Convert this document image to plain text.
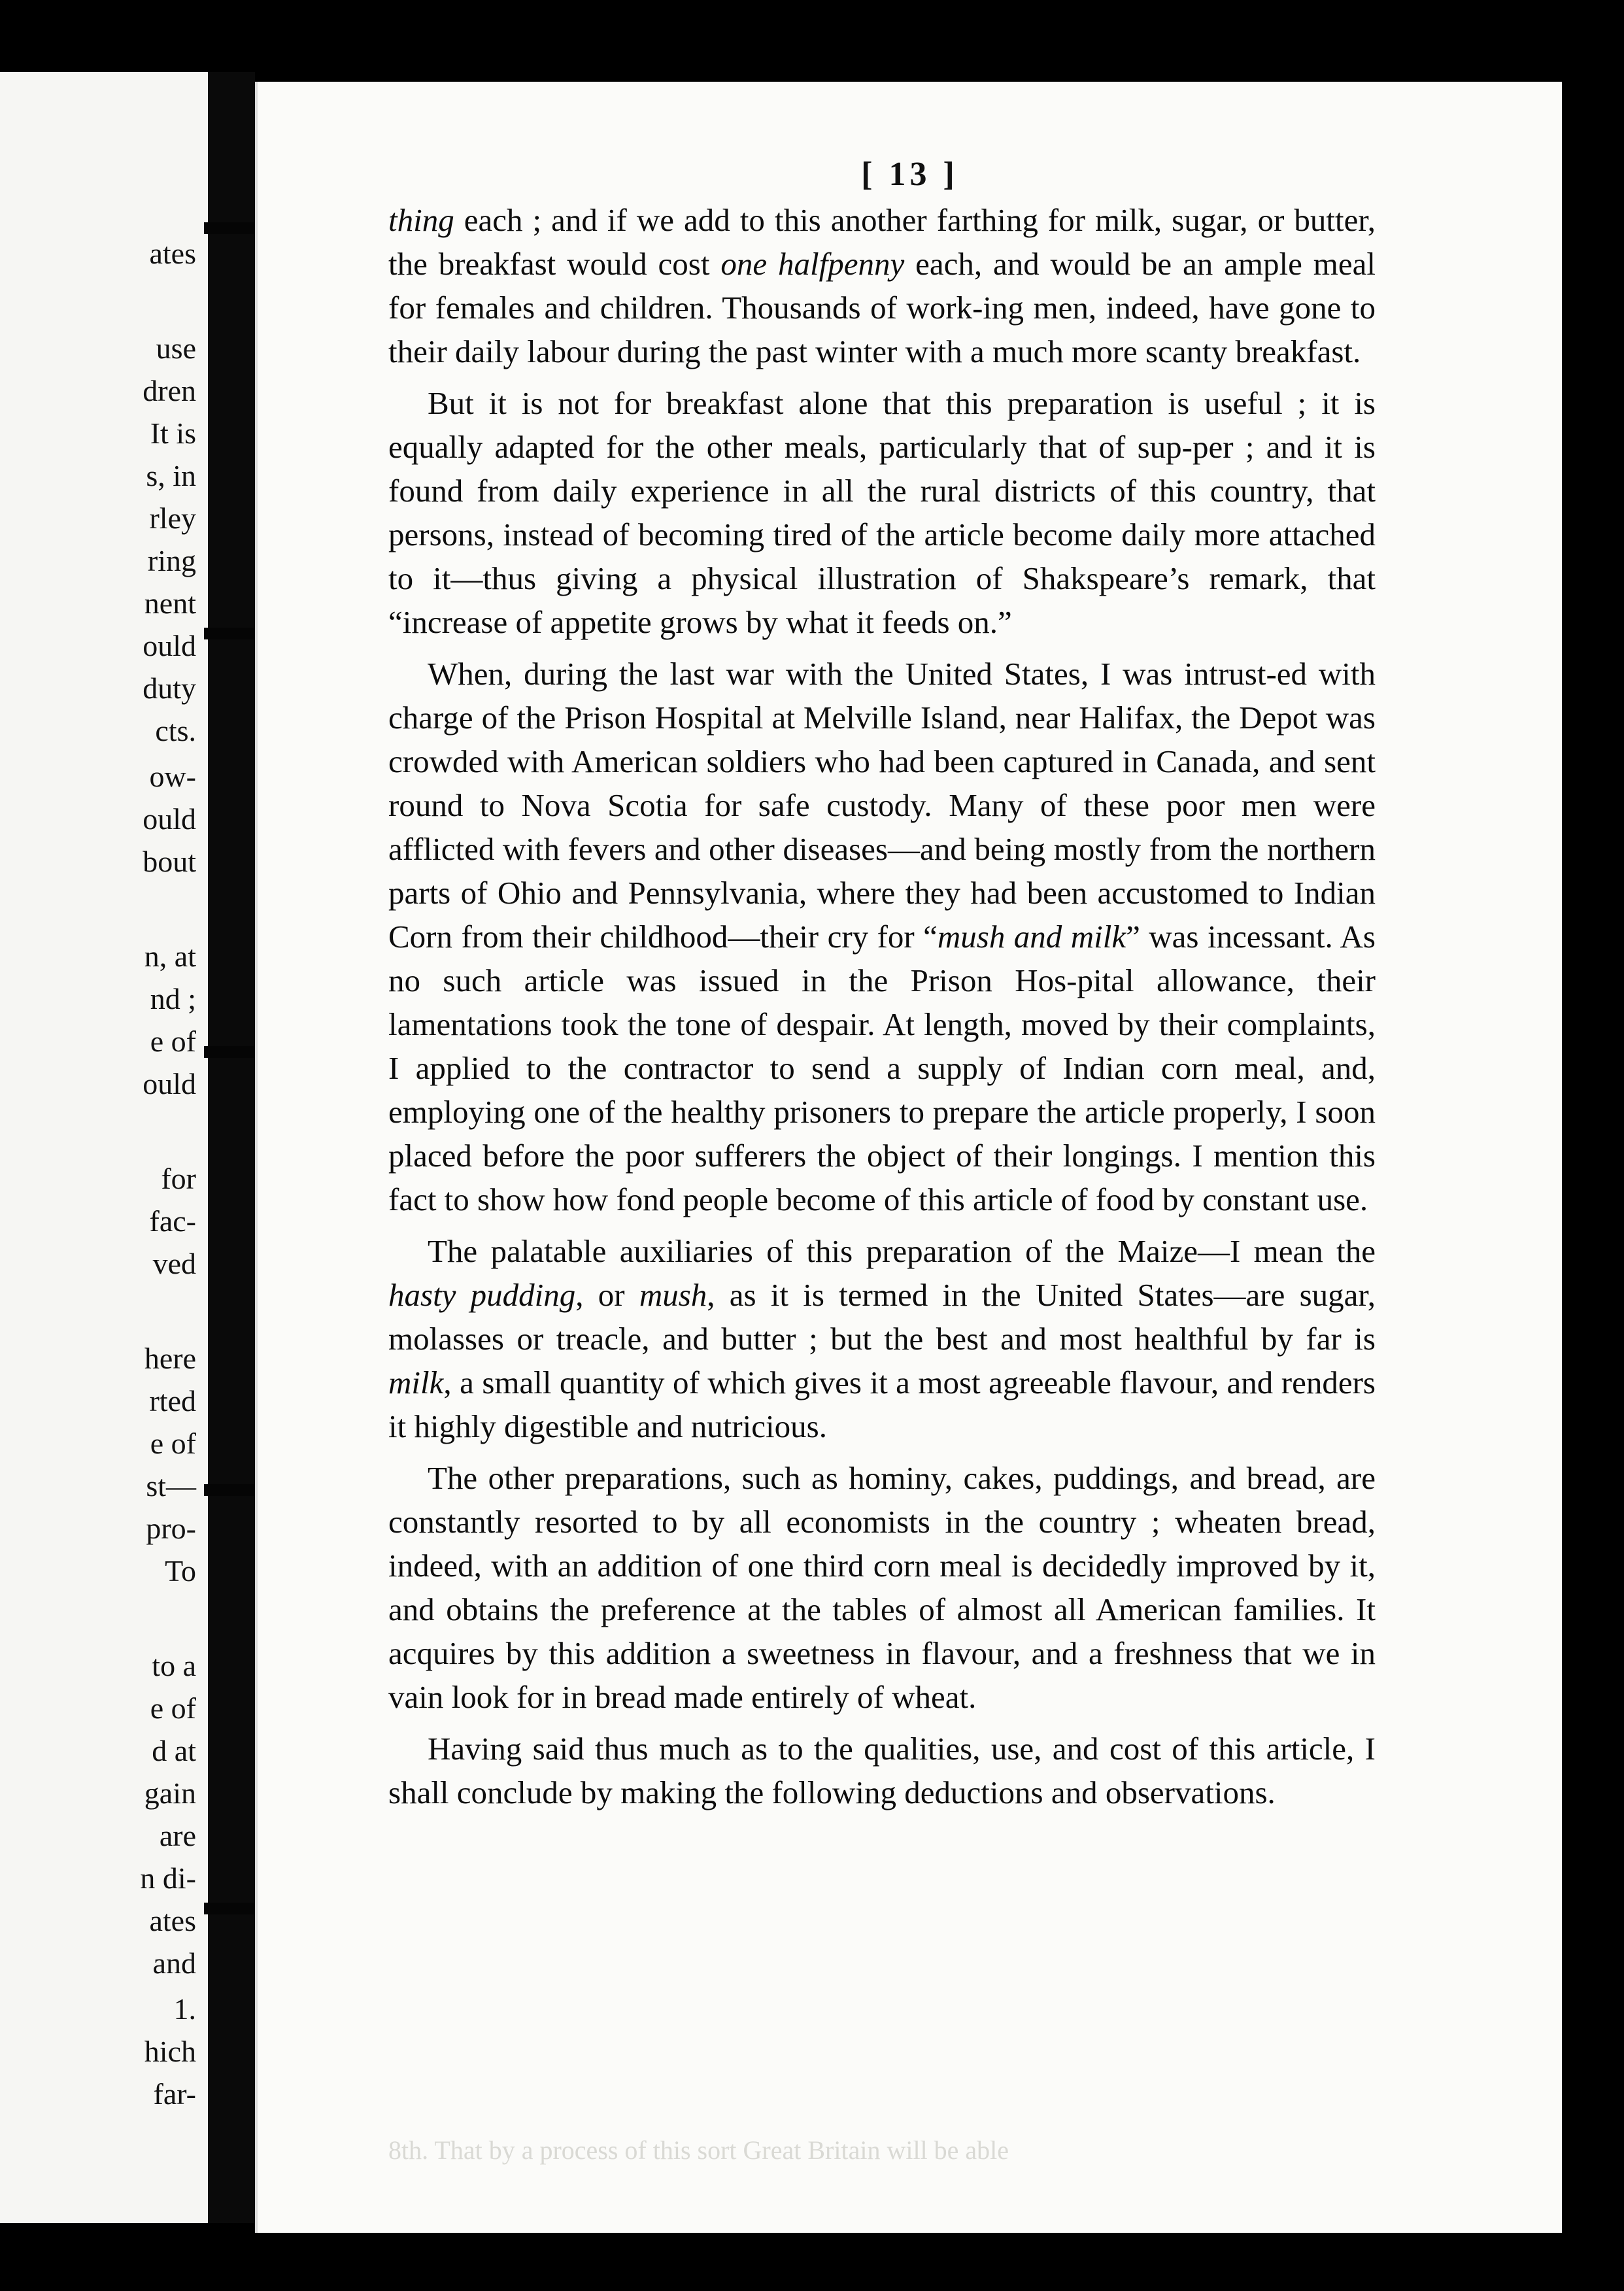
ates
use
dren
It is
s, in
rley
ring
nent
ould
duty
cts.
ow-
ould
bout
n, at
nd ;
e of
ould
for
fac-
ved
here
rted
e of
st—
pro-
To
to a
e of
d at
gain
are
n di-
ates
and
1.
hich
far-
[ 13 ]

thing each ; and if we add to this another farthing for milk, sugar, or butter, the breakfast would cost one halfpenny each, and would be an ample meal for females and children. Thousands of work-ing men, indeed, have gone to their daily labour during the past winter with a much more scanty breakfast.

But it is not for breakfast alone that this preparation is useful ; it is equally adapted for the other meals, particularly that of sup-per ; and it is found from daily experience in all the rural districts of this country, that persons, instead of becoming tired of the article become daily more attached to it—thus giving a physical illustration of Shakspeare’s remark, that “increase of appetite grows by what it feeds on.”

When, during the last war with the United States, I was intrust-ed with charge of the Prison Hospital at Melville Island, near Halifax, the Depot was crowded with American soldiers who had been captured in Canada, and sent round to Nova Scotia for safe custody. Many of these poor men were afflicted with fevers and other diseases—and being mostly from the northern parts of Ohio and Pennsylvania, where they had been accustomed to Indian Corn from their childhood—their cry for “mush and milk” was incessant. As no such article was issued in the Prison Hos-pital allowance, their lamentations took the tone of despair. At length, moved by their complaints, I applied to the contractor to send a supply of Indian corn meal, and, employing one of the healthy prisoners to prepare the article properly, I soon placed before the poor sufferers the object of their longings. I mention this fact to show how fond people become of this article of food by constant use.

The palatable auxiliaries of this preparation of the Maize—I mean the hasty pudding, or mush, as it is termed in the United States—are sugar, molasses or treacle, and butter ; but the best and most healthful by far is milk, a small quantity of which gives it a most agreeable flavour, and renders it highly digestible and nutricious.

The other preparations, such as hominy, cakes, puddings, and bread, are constantly resorted to by all economists in the country ; wheaten bread, indeed, with an addition of one third corn meal is decidedly improved by it, and obtains the preference at the tables of almost all American families. It acquires by this addition a sweetness in flavour, and a freshness that we in vain look for in bread made entirely of wheat.

Having said thus much as to the qualities, use, and cost of this article, I shall conclude by making the following deductions and observations.

8th. That by a process of this sort Great Britain will be able
